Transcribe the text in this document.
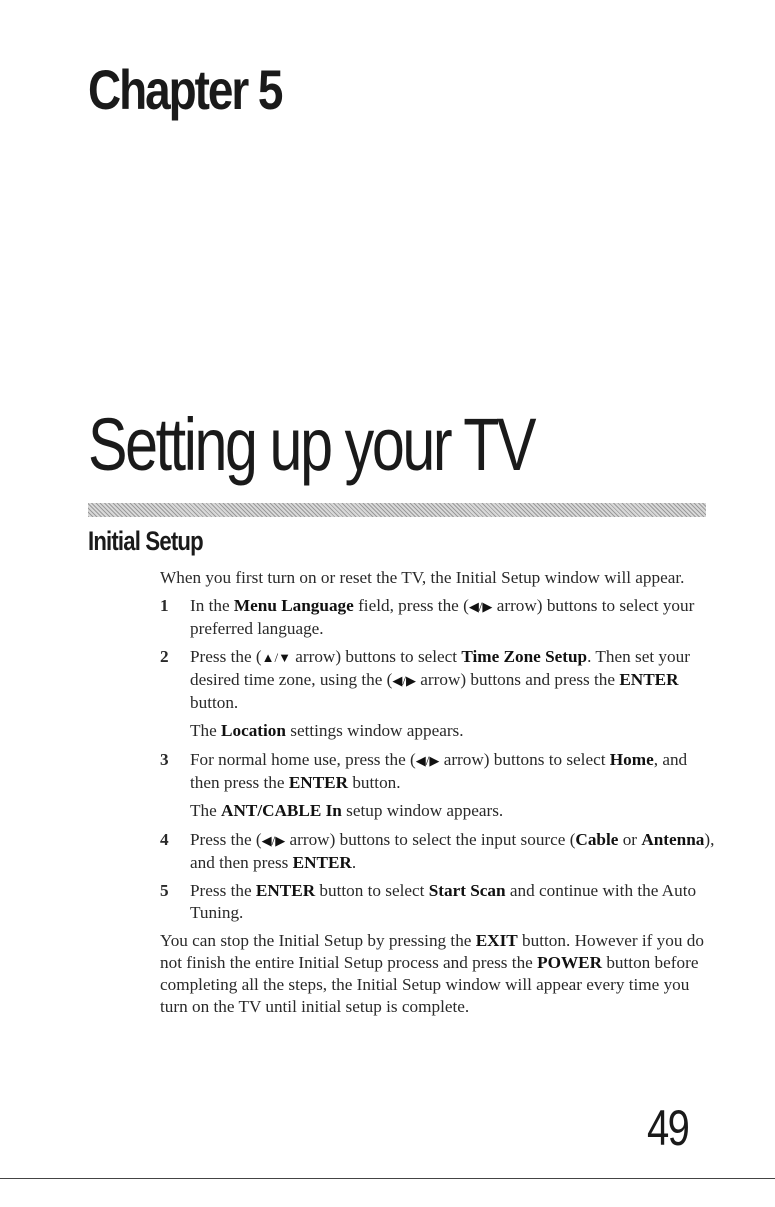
Chapter 5
Setting up your TV
Initial Setup

When you first turn on or reset the TV, the Initial Setup window will appear.

1 In the Menu Language field, press the (◀/▶ arrow) buttons to select your preferred language.

2 Press the (▲/▼ arrow) buttons to select Time Zone Setup. Then set your desired time zone, using the (◀/▶ arrow) buttons and press the ENTER button.

The Location settings window appears.

3 For normal home use, press the (◀/▶ arrow) buttons to select Home, and then press the ENTER button.

The ANT/CABLE In setup window appears.

4 Press the (◀/▶ arrow) buttons to select the input source (Cable or Antenna), and then press ENTER.

5 Press the ENTER button to select Start Scan and continue with the Auto Tuning.

You can stop the Initial Setup by pressing the EXIT button. However if you do not finish the entire Initial Setup process and press the POWER button before completing all the steps, the Initial Setup window will appear every time you turn on the TV until initial setup is complete.

49
